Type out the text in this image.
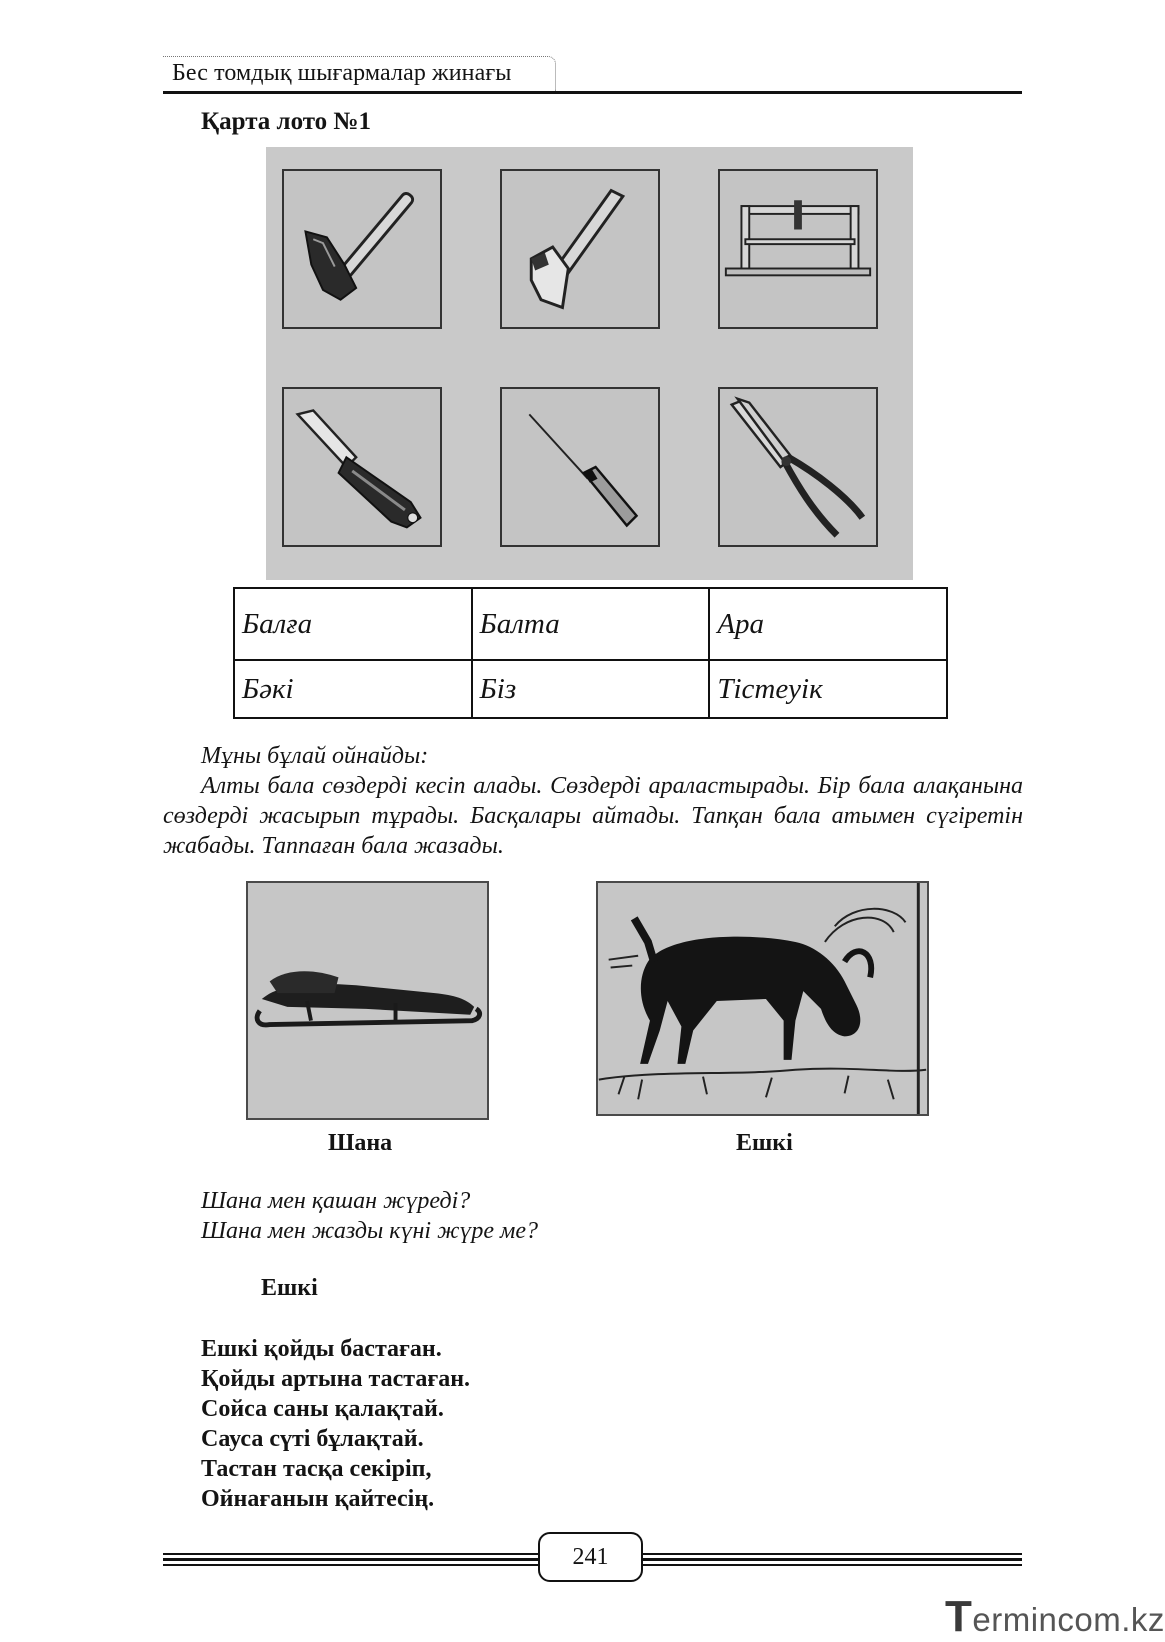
Бес томдық шығармалар жинағы
Қарта лото №1
Балға	Балта	Ара
Бәкі	Біз	Тістеуік
Мұны бұлай ойнайды:
Алты бала сөздерді кесіп алады. Сөздерді араластырады. Бір бала алақанына сөздерді жасырып тұрады. Басқалары айтады. Тапқан бала атымен сүгіретін жабады. Таппаған бала жазады.
Шана	Ешкі
Шана мен қашан жүреді?
Шана мен жазды күні жүре ме?
Ешкі
Ешкі қойды бастаған.
Қойды артына тастаған.
Сойса саны қалақтай.
Сауса сүті бұлақтай.
Тастан тасқа секіріп,
Ойнағанын қайтесің.
241
Termincom.kz
